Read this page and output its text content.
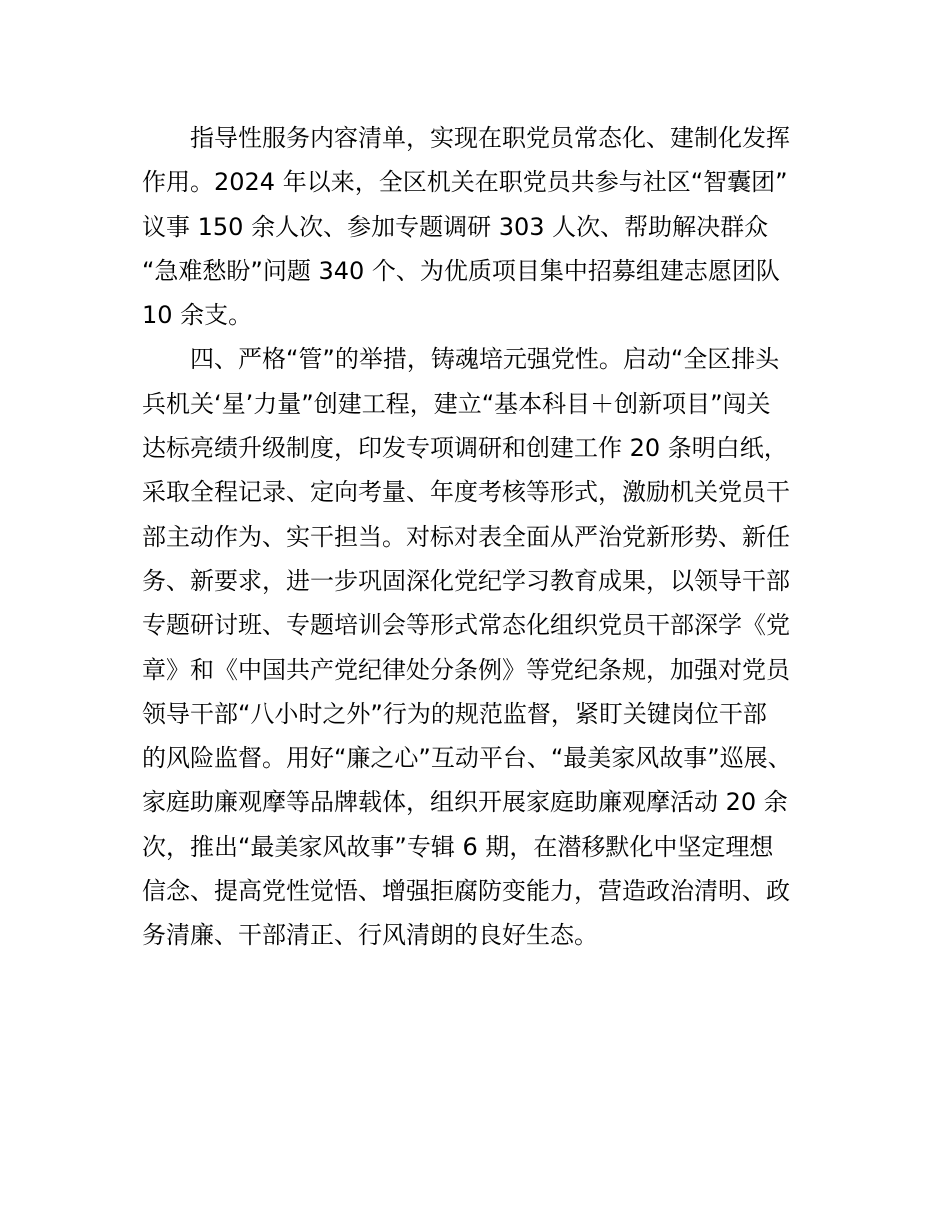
指导性服务内容清单，实现在职党员常态化、建制化发挥
作用。2024 年以来，全区机关在职党员共参与社区“智囊团”
议事 150 余人次、参加专题调研 303 人次、帮助解决群众
“急难愁盼”问题 340 个、为优质项目集中招募组建志愿团队
10 余支。
四、严格“管”的举措，铸魂培元强党性。启动“全区排头
兵机关‘星’力量”创建工程，建立“基本科目＋创新项目”闯关
达标亮绩升级制度，印发专项调研和创建工作 20 条明白纸，
采取全程记录、定向考量、年度考核等形式，激励机关党员干
部主动作为、实干担当。对标对表全面从严治党新形势、新任
务、新要求，进一步巩固深化党纪学习教育成果，以领导干部
专题研讨班、专题培训会等形式常态化组织党员干部深学《党
章》和《中国共产党纪律处分条例》等党纪条规，加强对党员
领导干部“八小时之外”行为的规范监督，紧盯关键岗位干部
的风险监督。用好“廉之心”互动平台、“最美家风故事”巡展、
家庭助廉观摩等品牌载体，组织开展家庭助廉观摩活动 20 余
次，推出“最美家风故事”专辑 6 期，在潜移默化中坚定理想
信念、提高党性觉悟、增强拒腐防变能力，营造政治清明、政
务清廉、干部清正、行风清朗的良好生态。
